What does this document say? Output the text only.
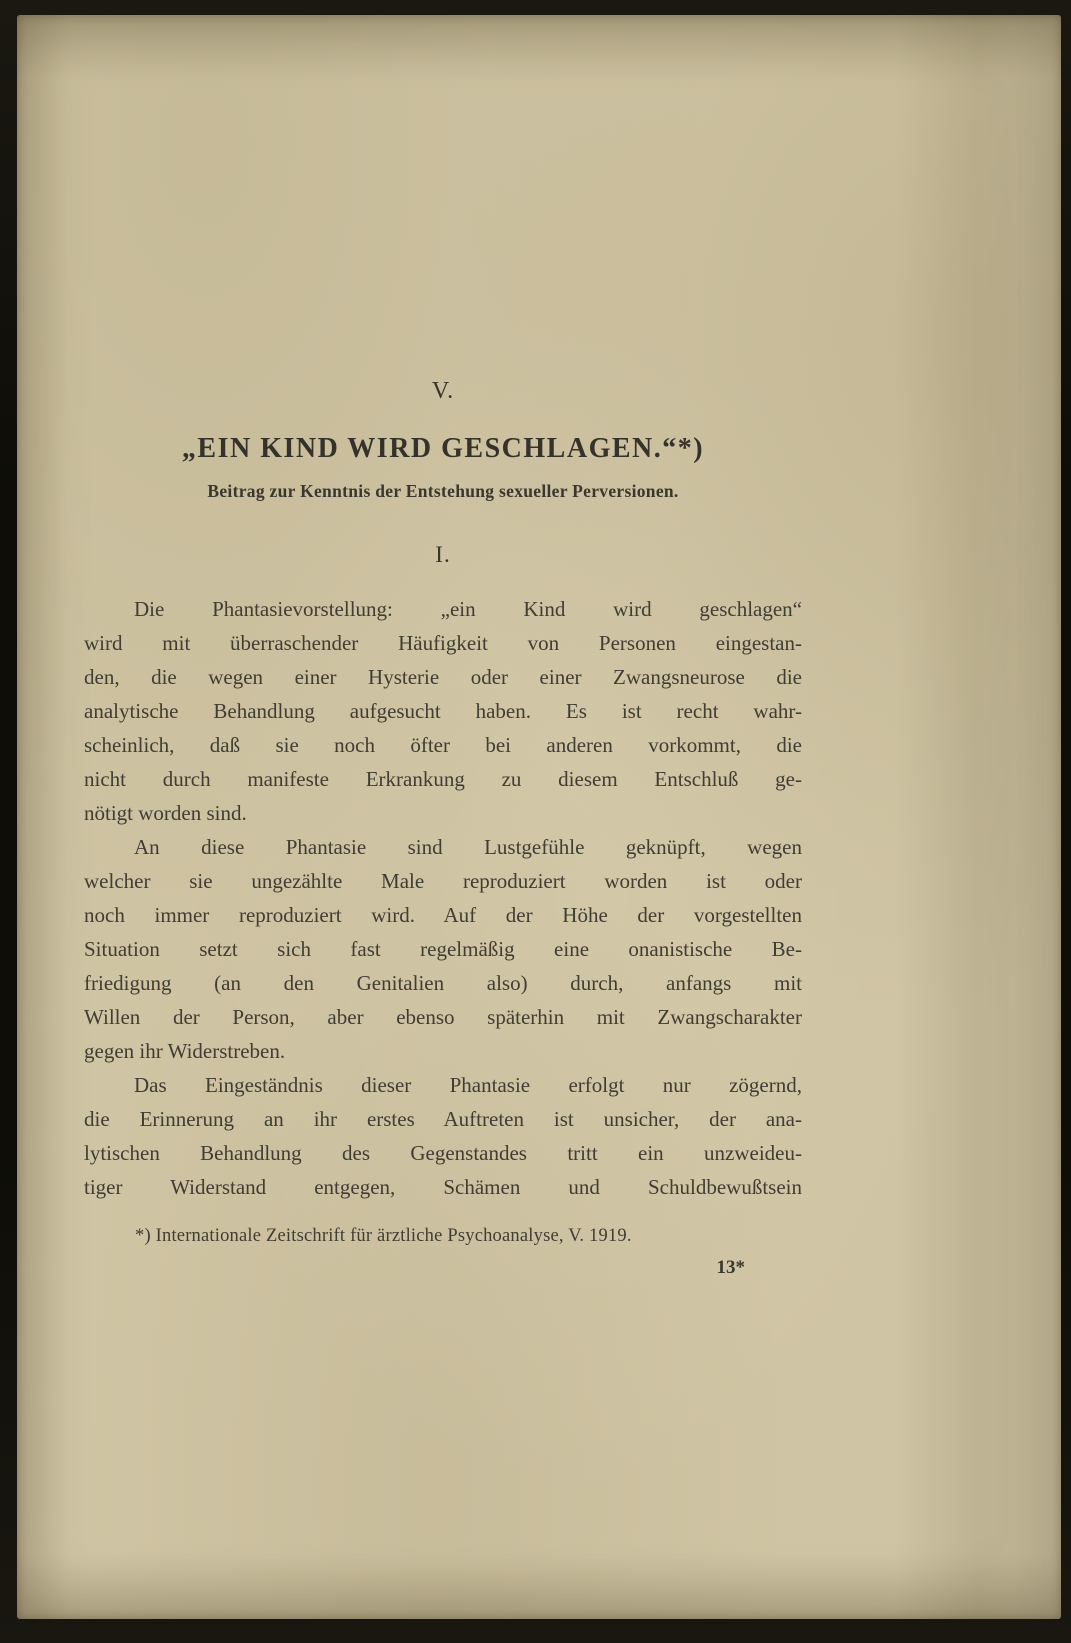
V.
„EIN KIND WIRD GESCHLAGEN.“*)
Beitrag zur Kenntnis der Entstehung sexueller Perversionen.
I.
Die Phantasievorstellung: „ein Kind wird geschlagen“
wird mit überraschender Häufigkeit von Personen eingestan-
den, die wegen einer Hysterie oder einer Zwangsneurose die
analytische Behandlung aufgesucht haben. Es ist recht wahr-
scheinlich, daß sie noch öfter bei anderen vorkommt, die
nicht durch manifeste Erkrankung zu diesem Entschluß ge-
nötigt worden sind.
An diese Phantasie sind Lustgefühle geknüpft, wegen
welcher sie ungezählte Male reproduziert worden ist oder
noch immer reproduziert wird. Auf der Höhe der vorgestellten
Situation setzt sich fast regelmäßig eine onanistische Be-
friedigung (an den Genitalien also) durch, anfangs mit
Willen der Person, aber ebenso späterhin mit Zwangscharakter
gegen ihr Widerstreben.
Das Eingeständnis dieser Phantasie erfolgt nur zögernd,
die Erinnerung an ihr erstes Auftreten ist unsicher, der ana-
lytischen Behandlung des Gegenstandes tritt ein unzweideu-
tiger Widerstand entgegen, Schämen und Schuldbewußtsein
*) Internationale Zeitschrift für ärztliche Psychoanalyse, V. 1919.
13*
